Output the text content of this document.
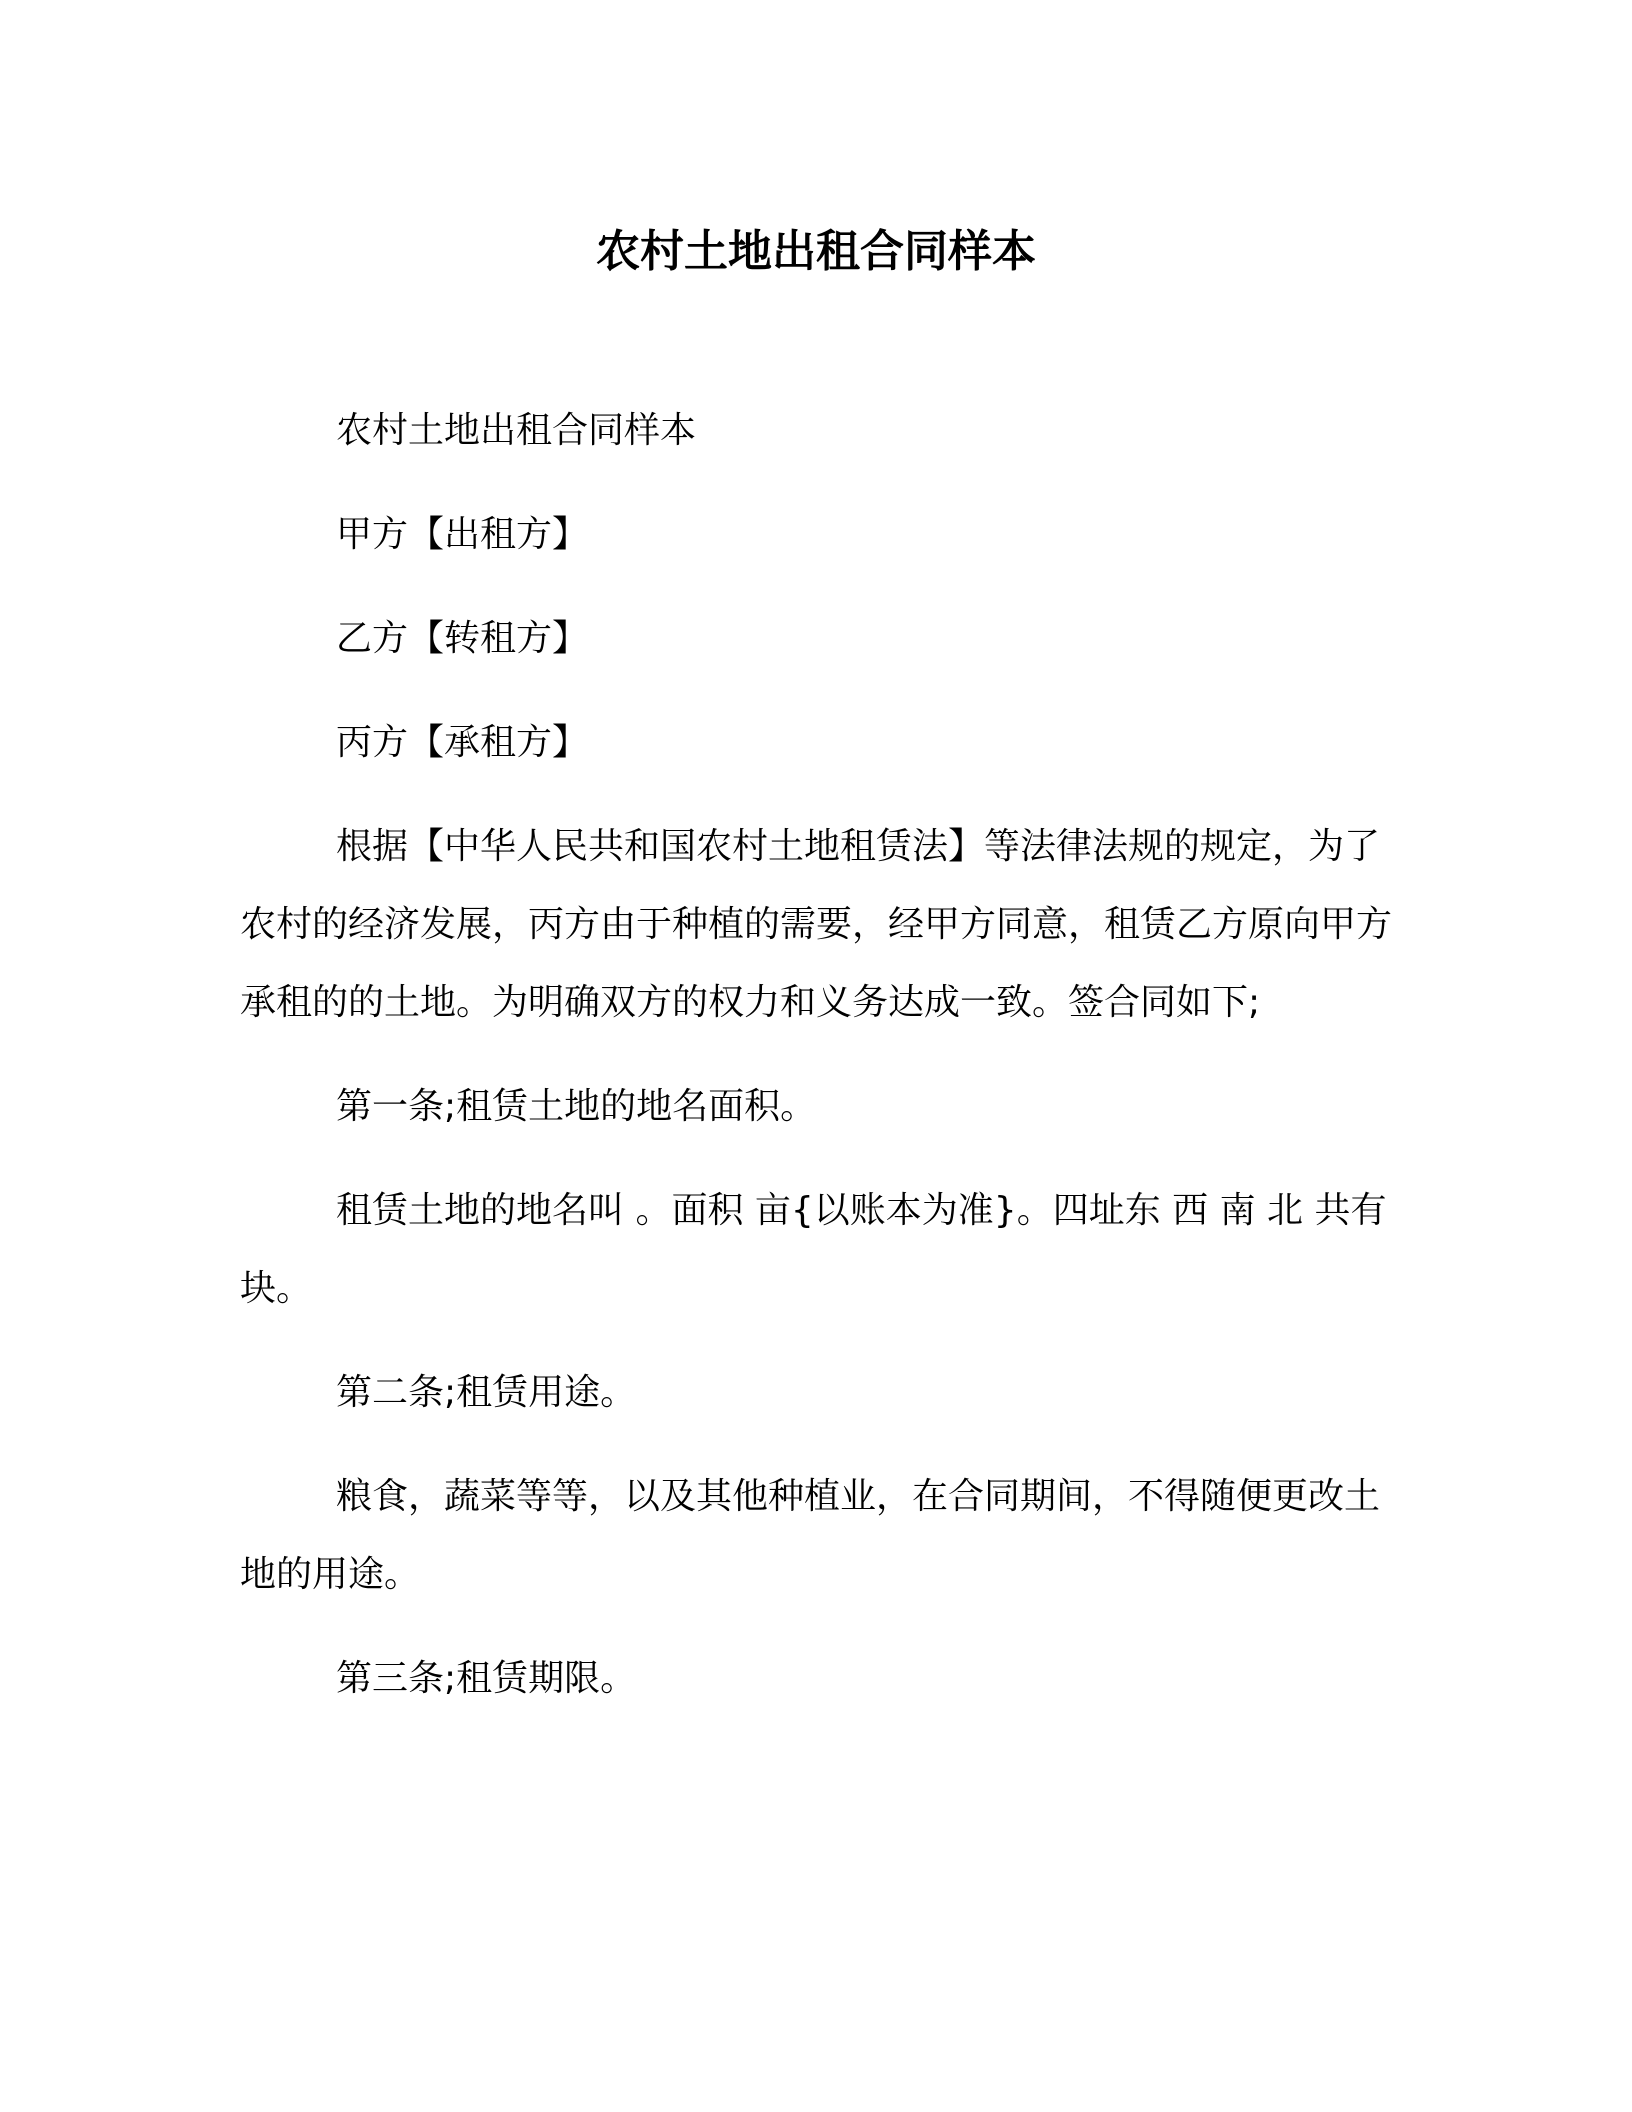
农村土地出租合同样本

农村土地出租合同样本

甲方【出租方】

乙方【转租方】

丙方【承租方】

根据【中华人民共和国农村土地租赁法】等法律法规的规定，为了农村的经济发展，丙方由于种植的需要，经甲方同意，租赁乙方原向甲方承租的的土地。为明确双方的权力和义务达成一致。签合同如下;

第一条;租赁土地的地名面积。

租赁土地的地名叫 。面积 亩{以账本为准}。四址东 西 南 北 共有 块。

第二条;租赁用途。

粮食，蔬菜等等，以及其他种植业，在合同期间，不得随便更改土地的用途。

第三条;租赁期限。
